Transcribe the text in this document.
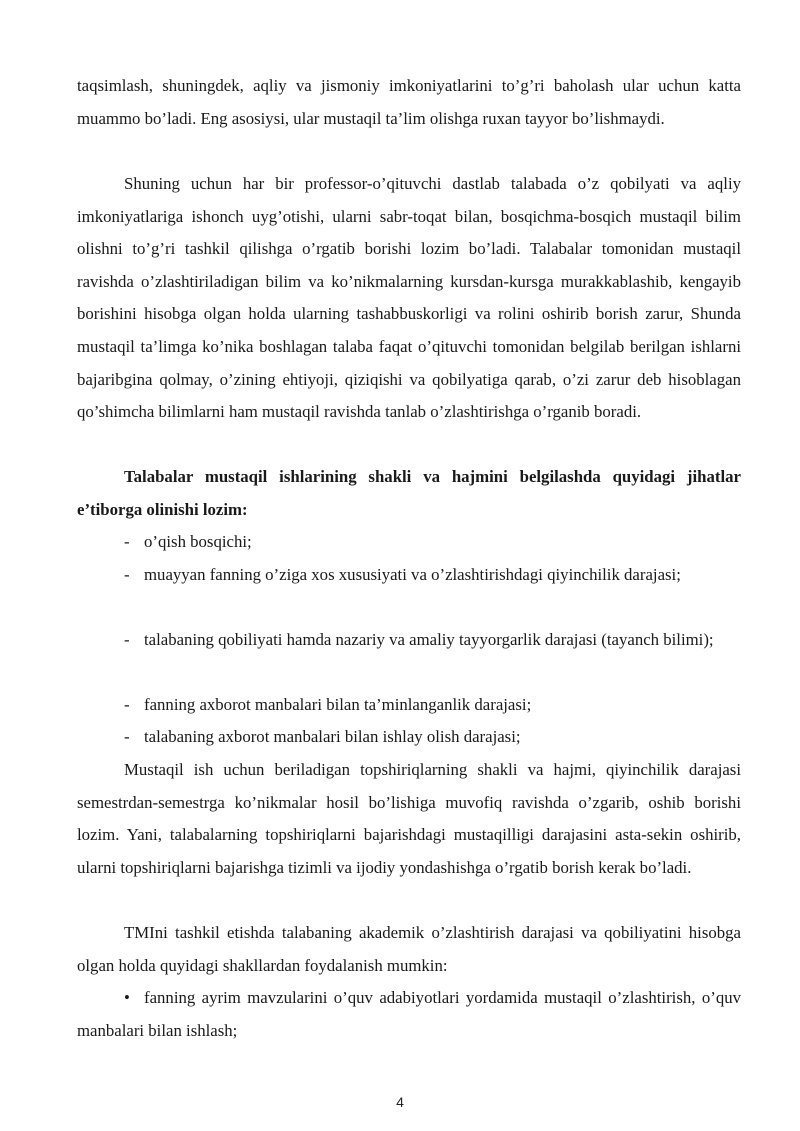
taqsimlash, shuningdek, aqliy va jismoniy imkoniyatlarini to’g’ri baholash ular uchun katta muammo bo’ladi. Eng asosiysi, ular mustaqil ta’lim olishga ruxan tayyor bo’lishmaydi.

Shuning uchun har bir professor-o’qituvchi dastlab talabada o’z qobilyati va aqliy imkoniyatlariga ishonch uyg’otishi, ularni sabr-toqat bilan, bosqichma-bosqich mustaqil bilim olishni to’g’ri tashkil qilishga o’rgatib borishi lozim bo’ladi. Talabalar tomonidan mustaqil ravishda o’zlashtiriladigan bilim va ko’nikmalarning kursdan-kursga murakkablashib, kengayib borishini hisobga olgan holda ularning tashabbuskorligi va rolini oshirib borish zarur, Shunda mustaqil ta’limga ko’nika boshlagan talaba faqat o’qituvchi tomonidan belgilab berilgan ishlarni bajaribgina qolmay, o’zining ehtiyoji, qiziqishi va qobilyatiga qarab, o’zi zarur deb hisoblagan qo’shimcha bilimlarni ham mustaqil ravishda tanlab o’zlashtirishga o’rganib boradi.

Talabalar mustaqil ishlarining shakli va hajmini belgilashda quyidagi jihatlar e’tiborga olinishi lozim:

- o’qish bosqichi;

- muayyan fanning o’ziga xos xususiyati va o’zlashtirishdagi qiyinchilik darajasi;

- talabaning qobiliyati hamda nazariy va amaliy tayyorgarlik darajasi (tayanch bilimi);

- fanning axborot manbalari bilan ta’minlanganlik darajasi;

- talabaning axborot manbalari bilan ishlay olish darajasi;

Mustaqil ish uchun beriladigan topshiriqlarning shakli va hajmi, qiyinchilik darajasi semestrdan-semestrga ko’nikmalar hosil bo’lishiga muvofiq ravishda o’zgarib, oshib borishi lozim. Yani, talabalarning topshiriqlarni bajarishdagi mustaqilligi darajasini asta-sekin oshirib, ularni topshiriqlarni bajarishga tizimli va ijodiy yondashishga o’rgatib borish kerak bo’ladi.

TMIni tashkil etishda talabaning akademik o’zlashtirish darajasi va qobiliyatini hisobga olgan holda quyidagi shakllardan foydalanish mumkin:

• fanning ayrim mavzularini o’quv adabiyotlari yordamida mustaqil o’zlashtirish, o’quv manbalari bilan ishlash;

4
